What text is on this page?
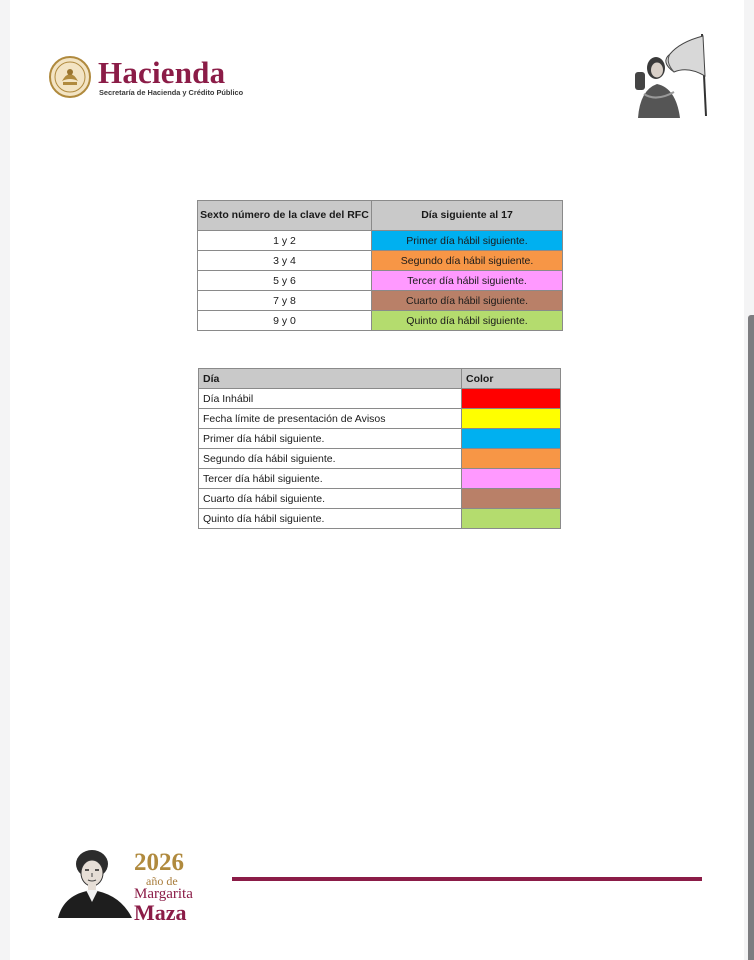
Hacienda
Secretaría de Hacienda y Crédito Público
Sexto número de la clave del RFC	Día siguiente al 17
1 y 2	Primer día hábil siguiente.
3 y 4	Segundo día hábil siguiente.
5 y 6	Tercer día hábil siguiente.
7 y 8	Cuarto día hábil siguiente.
9 y 0	Quinto día hábil siguiente.
Día	Color
Día Inhábil	
Fecha límite de presentación de Avisos	
Primer día hábil siguiente.	
Segundo día hábil siguiente.	
Tercer día hábil siguiente.	
Cuarto día hábil siguiente.	
Quinto día hábil siguiente.	
2026
año de
Margarita
Maza
